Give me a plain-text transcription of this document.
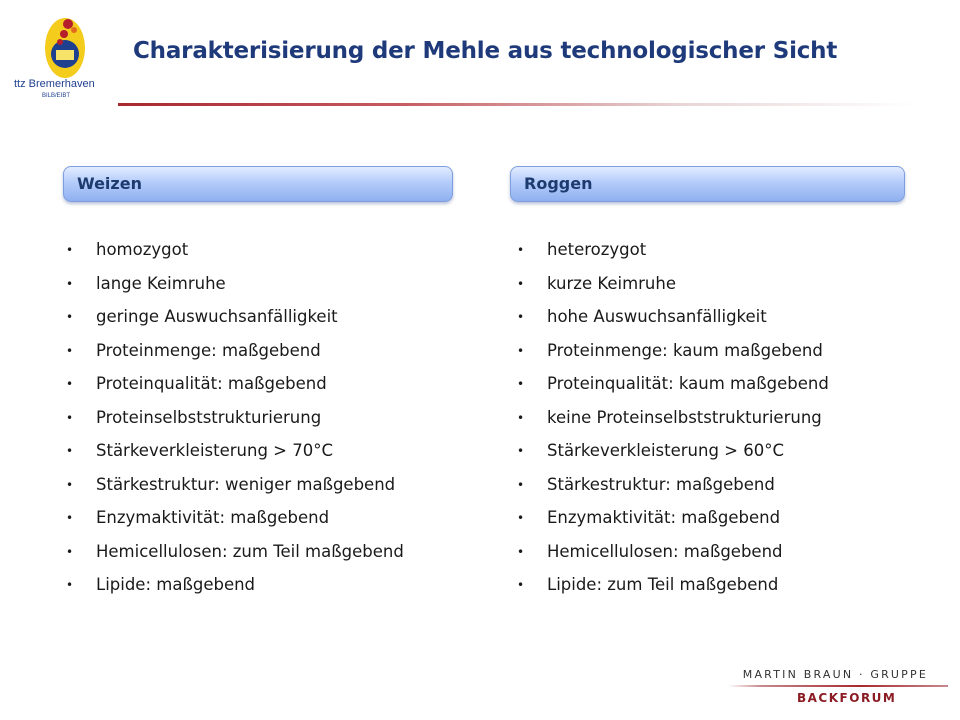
ttz Bremerhaven
BILB/EIBT
Charakterisierung der Mehle aus technologischer Sicht
Weizen	Roggen
• homozygot
• lange Keimruhe
• geringe Auswuchsanfälligkeit
• Proteinmenge: maßgebend
• Proteinqualität: maßgebend
• Proteinselbststrukturierung
• Stärkeverkleisterung > 70°C
• Stärkestruktur: weniger maßgebend
• Enzymaktivität: maßgebend
• Hemicellulosen: zum Teil maßgebend
• Lipide: maßgebend
• heterozygot
• kurze Keimruhe
• hohe Auswuchsanfälligkeit
• Proteinmenge: kaum maßgebend
• Proteinqualität: kaum maßgebend
• keine Proteinselbststrukturierung
• Stärkeverkleisterung > 60°C
• Stärkestruktur: maßgebend
• Enzymaktivität: maßgebend
• Hemicellulosen: maßgebend
• Lipide: zum Teil maßgebend
MARTIN BRAUN · GRUPPE
BACKFORUM
